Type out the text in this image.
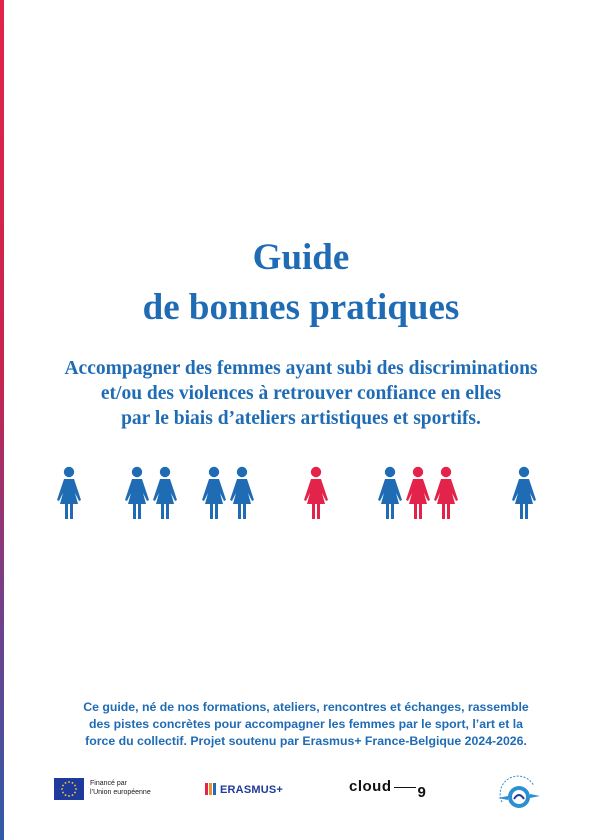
Guide
de bonnes pratiques
Accompagner des femmes ayant subi des discriminations
et/ou des violences à retrouver confiance en elles
par le biais d’ateliers artistiques et sportifs.
Ce guide, né de nos formations, ateliers, rencontres et échanges, rassemble
des pistes concrètes pour accompagner les femmes par le sport, l’art et la
force du collectif. Projet soutenu par Erasmus+ France-Belgique 2024-2026.
Financé par
l’Union européenne	ERASMUS+	cloud 9
